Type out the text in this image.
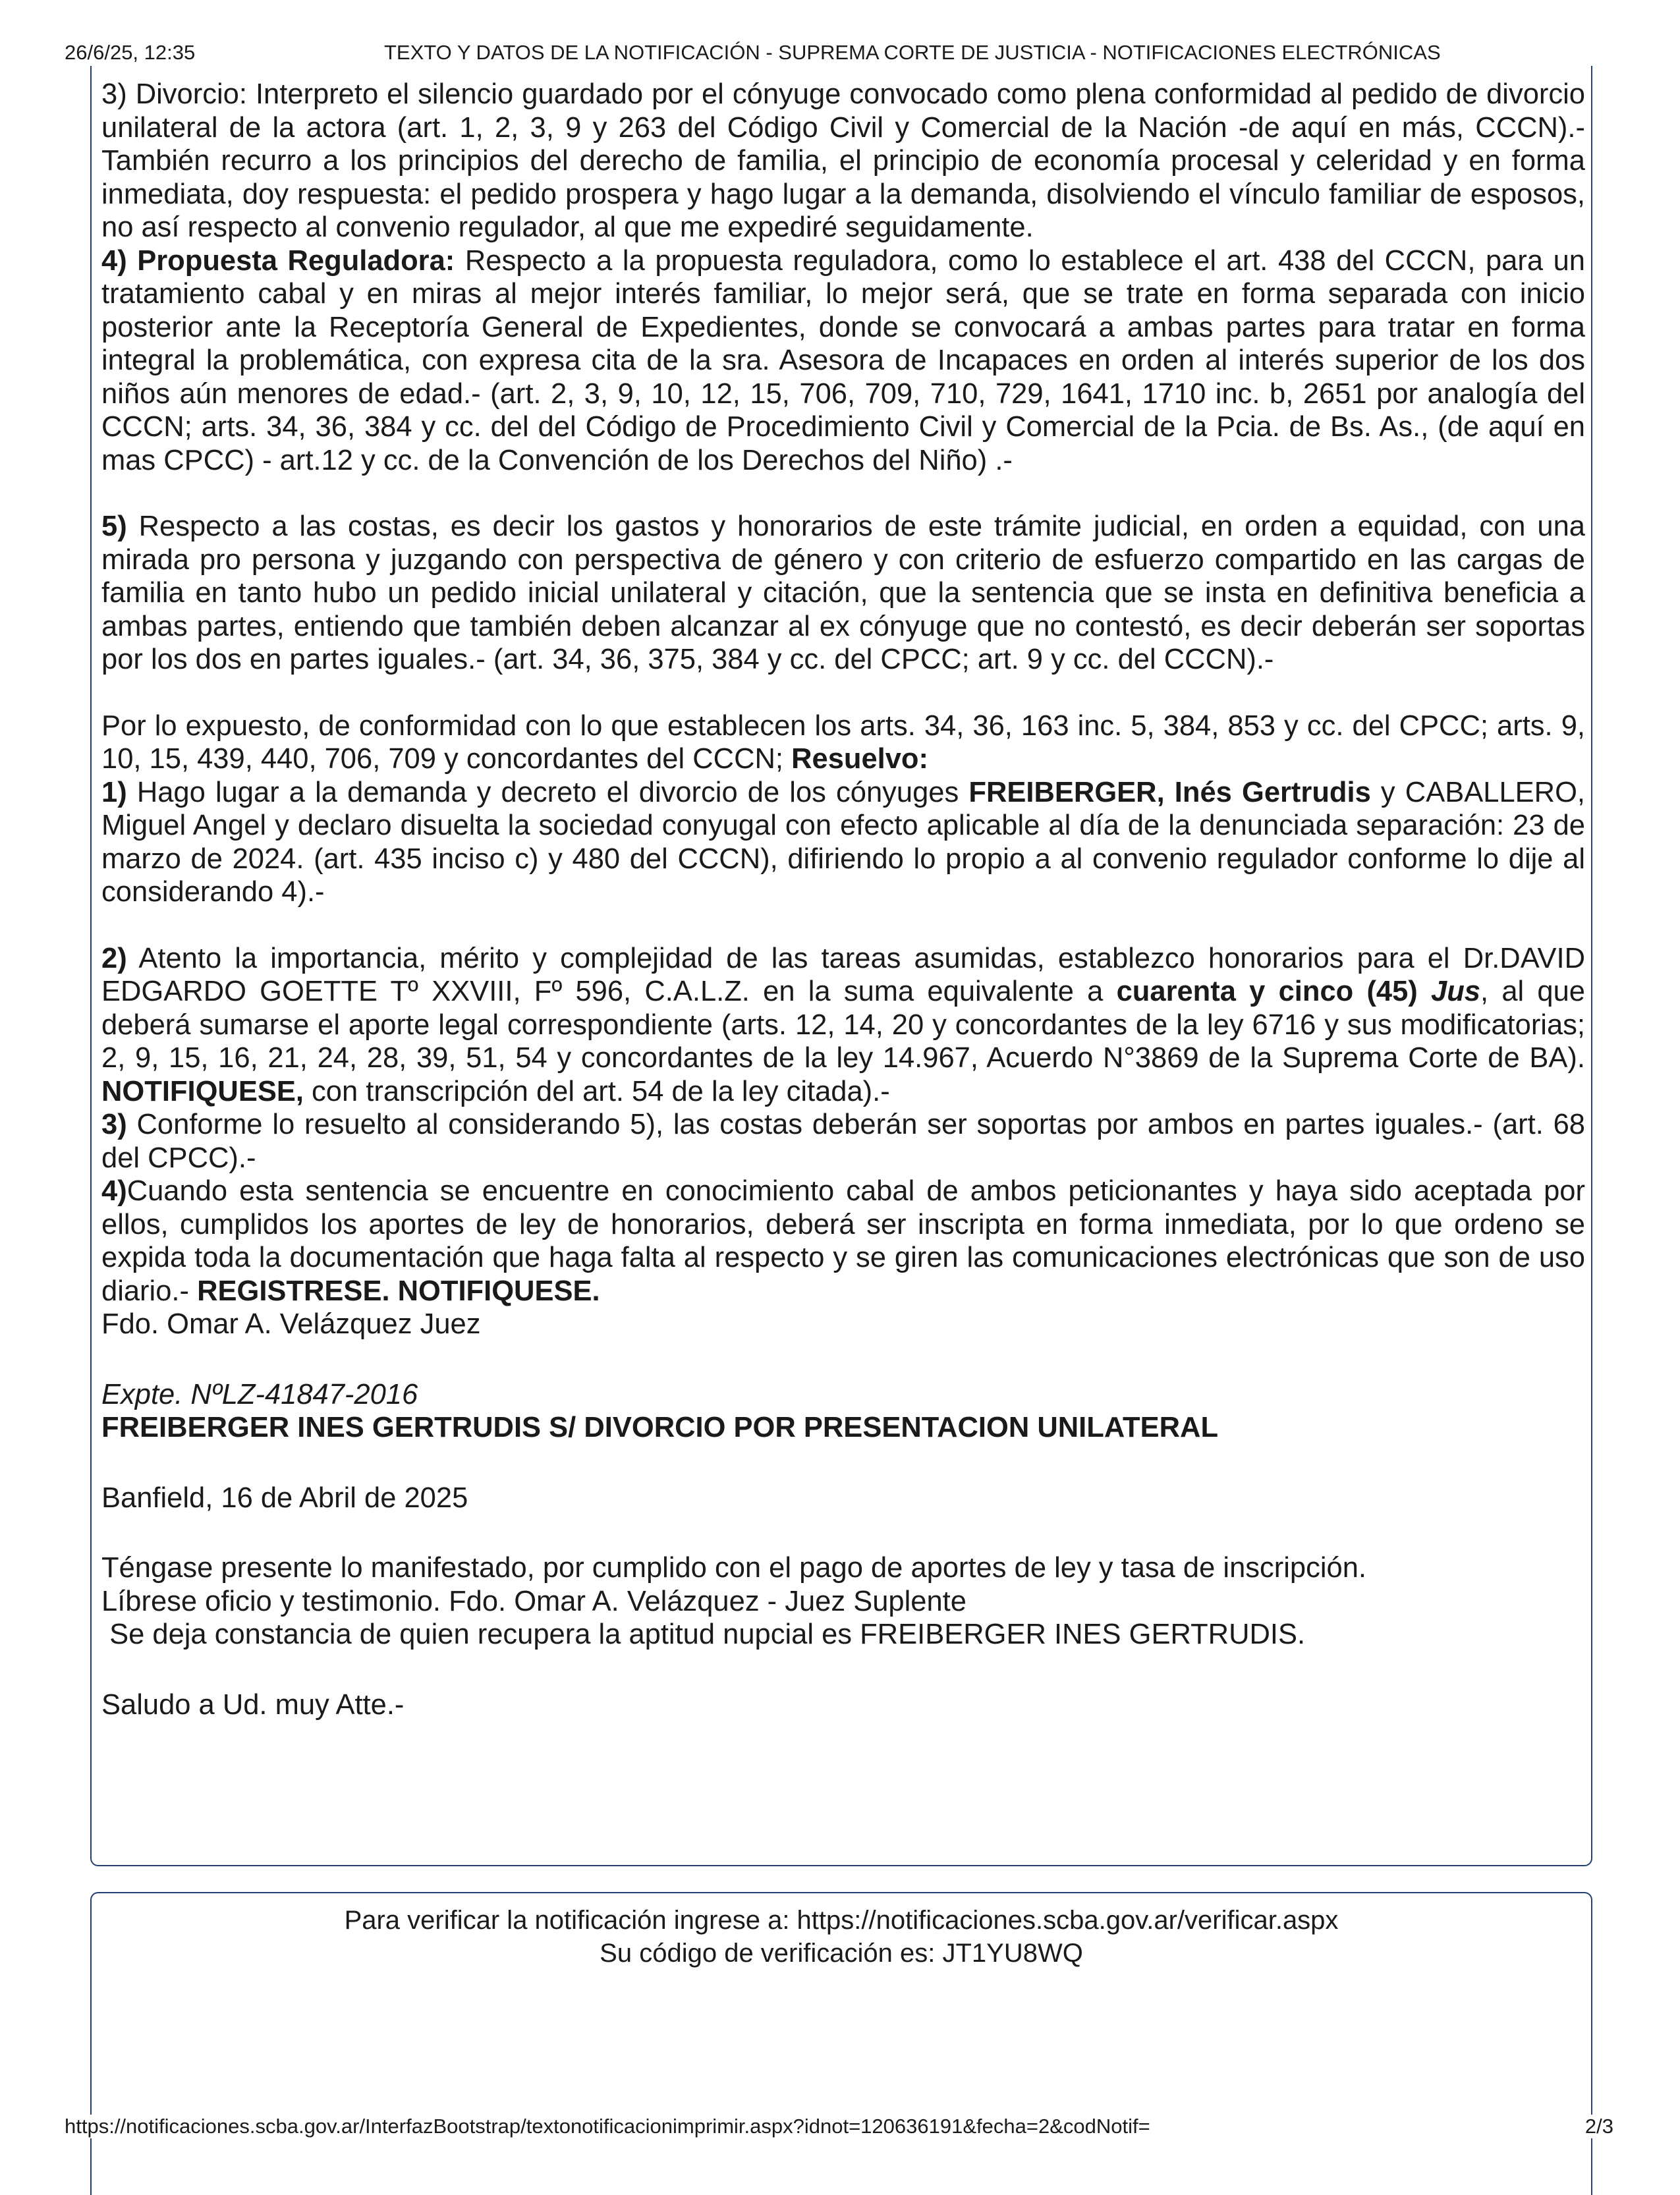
26/6/25, 12:35	TEXTO Y DATOS DE LA NOTIFICACIÓN - SUPREMA CORTE DE JUSTICIA - NOTIFICACIONES ELECTRÓNICAS

3) Divorcio: Interpreto el silencio guardado por el cónyuge convocado como plena conformidad al pedido de divorcio unilateral de la actora (art. 1, 2, 3, 9 y 263 del Código Civil y Comercial de la Nación -de aquí en más, CCCN).- También recurro a los principios del derecho de familia, el principio de economía procesal y celeridad y en forma inmediata, doy respuesta: el pedido prospera y hago lugar a la demanda, disolviendo el vínculo familiar de esposos, no así respecto al convenio regulador, al que me expediré seguidamente.

4) Propuesta Reguladora: Respecto a la propuesta reguladora, como lo establece el art. 438 del CCCN, para un tratamiento cabal y en miras al mejor interés familiar, lo mejor será, que se trate en forma separada con inicio posterior ante la Receptoría General de Expedientes, donde se convocará a ambas partes para tratar en forma integral la problemática, con expresa cita de la sra. Asesora de Incapaces en orden al interés superior de los dos niños aún menores de edad.- (art. 2, 3, 9, 10, 12, 15, 706, 709, 710, 729, 1641, 1710 inc. b, 2651 por analogía del CCCN; arts. 34, 36, 384 y cc. del del Código de Procedimiento Civil y Comercial de la Pcia. de Bs. As., (de aquí en mas CPCC) - art.12 y cc. de la Convención de los Derechos del Niño) .-

5) Respecto a las costas, es decir los gastos y honorarios de este trámite judicial, en orden a equidad, con una mirada pro persona y juzgando con perspectiva de género y con criterio de esfuerzo compartido en las cargas de familia en tanto hubo un pedido inicial unilateral y citación, que la sentencia que se insta en definitiva beneficia a ambas partes, entiendo que también deben alcanzar al ex cónyuge que no contestó, es decir deberán ser soportas por los dos en partes iguales.- (art. 34, 36, 375, 384 y cc. del CPCC; art. 9 y cc. del CCCN).-

Por lo expuesto, de conformidad con lo que establecen los arts. 34, 36, 163 inc. 5, 384, 853 y cc. del CPCC; arts. 9, 10, 15, 439, 440, 706, 709 y concordantes del CCCN; Resuelvo:

1) Hago lugar a la demanda y decreto el divorcio de los cónyuges FREIBERGER, Inés Gertrudis y CABALLERO, Miguel Angel y declaro disuelta la sociedad conyugal con efecto aplicable al día de la denunciada separación: 23 de marzo de 2024. (art. 435 inciso c) y 480 del CCCN), difiriendo lo propio a al convenio regulador conforme lo dije al considerando 4).-

2) Atento la importancia, mérito y complejidad de las tareas asumidas, establezco honorarios para el Dr.DAVID EDGARDO GOETTE Tº XXVIII, Fº 596, C.A.L.Z. en la suma equivalente a cuarenta y cinco (45) Jus, al que deberá sumarse el aporte legal correspondiente (arts. 12, 14, 20 y concordantes de la ley 6716 y sus modificatorias; 2, 9, 15, 16, 21, 24, 28, 39, 51, 54 y concordantes de la ley 14.967, Acuerdo N°3869 de la Suprema Corte de BA). NOTIFIQUESE, con transcripción del art. 54 de la ley citada).-

3) Conforme lo resuelto al considerando 5), las costas deberán ser soportas por ambos en partes iguales.- (art. 68 del CPCC).-

4)Cuando esta sentencia se encuentre en conocimiento cabal de ambos peticionantes y haya sido aceptada por ellos, cumplidos los aportes de ley de honorarios, deberá ser inscripta en forma inmediata, por lo que ordeno se expida toda la documentación que haga falta al respecto y se giren las comunicaciones electrónicas que son de uso diario.- REGISTRESE. NOTIFIQUESE.

Fdo. Omar A. Velázquez Juez

Expte. NºLZ-41847-2016

FREIBERGER INES GERTRUDIS S/ DIVORCIO POR PRESENTACION UNILATERAL

Banfield, 16 de Abril de 2025

Téngase presente lo manifestado, por cumplido con el pago de aportes de ley y tasa de inscripción.

Líbrese oficio y testimonio. Fdo. Omar A. Velázquez - Juez Suplente

Se deja constancia de quien recupera la aptitud nupcial es FREIBERGER INES GERTRUDIS.

Saludo a Ud. muy Atte.-

Para verificar la notificación ingrese a: https://notificaciones.scba.gov.ar/verificar.aspx
Su código de verificación es: JT1YU8WQ
https://notificaciones.scba.gov.ar/InterfazBootstrap/textonotificacionimprimir.aspx?idnot=120636191&fecha=2&codNotif=	2/3
